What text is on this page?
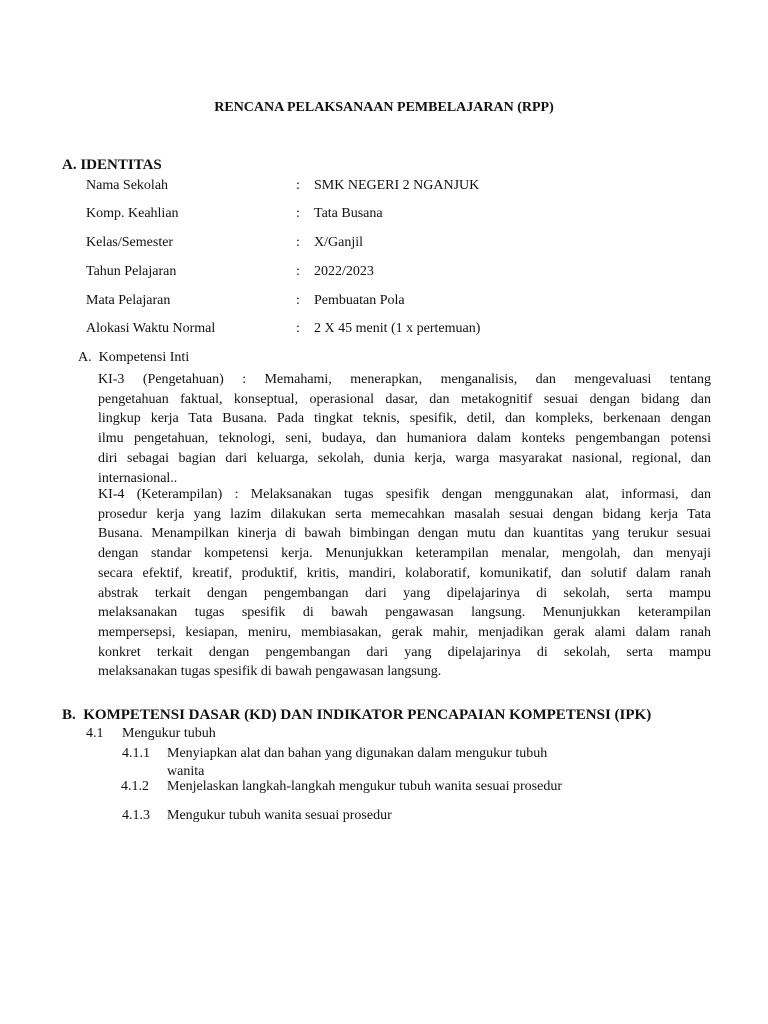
RENCANA PELAKSANAAN PEMBELAJARAN (RPP)
A. IDENTITAS
Nama Sekolah	: SMK NEGERI 2 NGANJUK
Komp. Keahlian	: Tata Busana
Kelas/Semester	: X/Ganjil
Tahun Pelajaran	: 2022/2023
Mata Pelajaran	: Pembuatan Pola
Alokasi Waktu Normal	: 2 X 45 menit (1 x pertemuan)
A.  Kompetensi Inti
KI-3 (Pengetahuan) : Memahami, menerapkan, menganalisis, dan mengevaluasi tentang
pengetahuan faktual, konseptual, operasional dasar, dan metakognitif sesuai dengan bidang dan
lingkup kerja Tata Busana. Pada tingkat teknis, spesifik, detil, dan kompleks, berkenaan dengan
ilmu pengetahuan, teknologi, seni, budaya, dan humaniora dalam konteks pengembangan potensi
diri sebagai bagian dari keluarga, sekolah, dunia kerja, warga masyarakat nasional, regional, dan
internasional..
KI-4 (Keterampilan) : Melaksanakan tugas spesifik dengan menggunakan alat, informasi, dan
prosedur kerja yang lazim dilakukan serta memecahkan masalah sesuai dengan bidang kerja Tata
Busana. Menampilkan kinerja di bawah bimbingan dengan mutu dan kuantitas yang terukur sesuai
dengan standar kompetensi kerja. Menunjukkan keterampilan menalar, mengolah, dan menyaji
secara efektif, kreatif, produktif, kritis, mandiri, kolaboratif, komunikatif, dan solutif dalam ranah
abstrak terkait dengan pengembangan dari yang dipelajarinya di sekolah, serta mampu
melaksanakan tugas spesifik di bawah pengawasan langsung. Menunjukkan keterampilan
mempersepsi, kesiapan, meniru, membiasakan, gerak mahir, menjadikan gerak alami dalam ranah
konkret terkait dengan pengembangan dari yang dipelajarinya di sekolah, serta mampu
melaksanakan tugas spesifik di bawah pengawasan langsung.
B.  KOMPETENSI DASAR (KD) DAN INDIKATOR PENCAPAIAN KOMPETENSI (IPK)
4.1 Mengukur tubuh
4.1.1 Menyiapkan alat dan bahan yang digunakan dalam mengukur tubuh
wanita
4.1.2 Menjelaskan langkah-langkah mengukur tubuh wanita sesuai prosedur
4.1.3 Mengukur tubuh wanita sesuai prosedur
